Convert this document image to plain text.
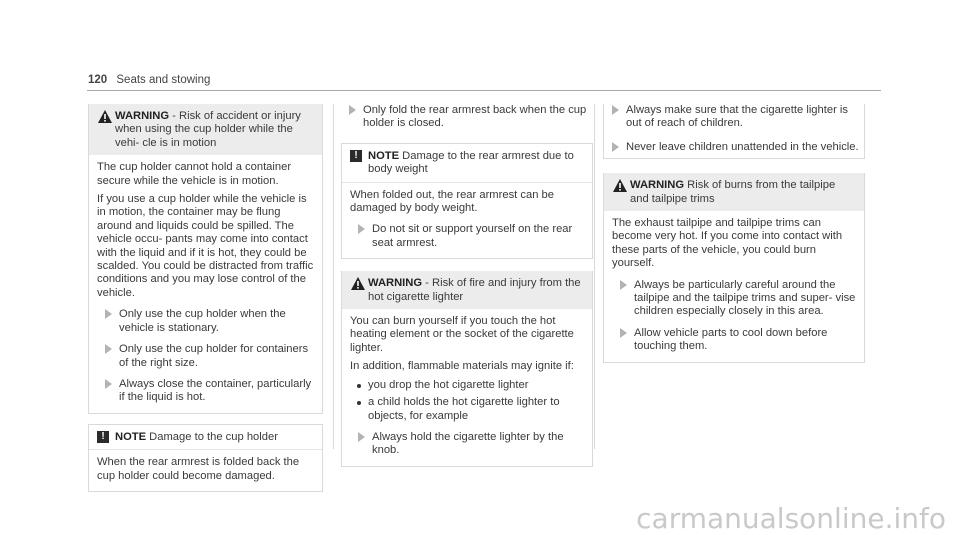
120 Seats and stowing
WARNING - Risk of accident or injury when using the cup holder while the vehi- cle is in motion

The cup holder cannot hold a container secure while the vehicle is in motion.

If you use a cup holder while the vehicle is in motion, the container may be flung around and liquids could be spilled. The vehicle occu- pants may come into contact with the liquid and if it is hot, they could be scalded. You could be distracted from traffic conditions and you may lose control of the vehicle.

Only use the cup holder when the vehicle is stationary.
Only use the cup holder for containers of the right size.
Always close the container, particularly if the liquid is hot.
! NOTE Damage to the cup holder
When the rear armrest is folded back the cup holder could become damaged.
Only fold the rear armrest back when the cup holder is closed.
! NOTE Damage to the rear armrest due to body weight

When folded out, the rear armrest can be damaged by body weight.

Do not sit or support yourself on the rear seat armrest.
WARNING - Risk of fire and injury from the hot cigarette lighter

You can burn yourself if you touch the hot heating element or the socket of the cigarette lighter.

In addition, flammable materials may ignite if:

you drop the hot cigarette lighter
a child holds the hot cigarette lighter to objects, for example
Always hold the cigarette lighter by the knob.
Always make sure that the cigarette lighter is out of reach of children.
Never leave children unattended in the vehicle.
WARNING Risk of burns from the tailpipe and tailpipe trims

The exhaust tailpipe and tailpipe trims can become very hot. If you come into contact with these parts of the vehicle, you could burn yourself.

Always be particularly careful around the tailpipe and the tailpipe trims and super- vise children especially closely in this area.
Allow vehicle parts to cool down before touching them.
carmanualsonline.info
